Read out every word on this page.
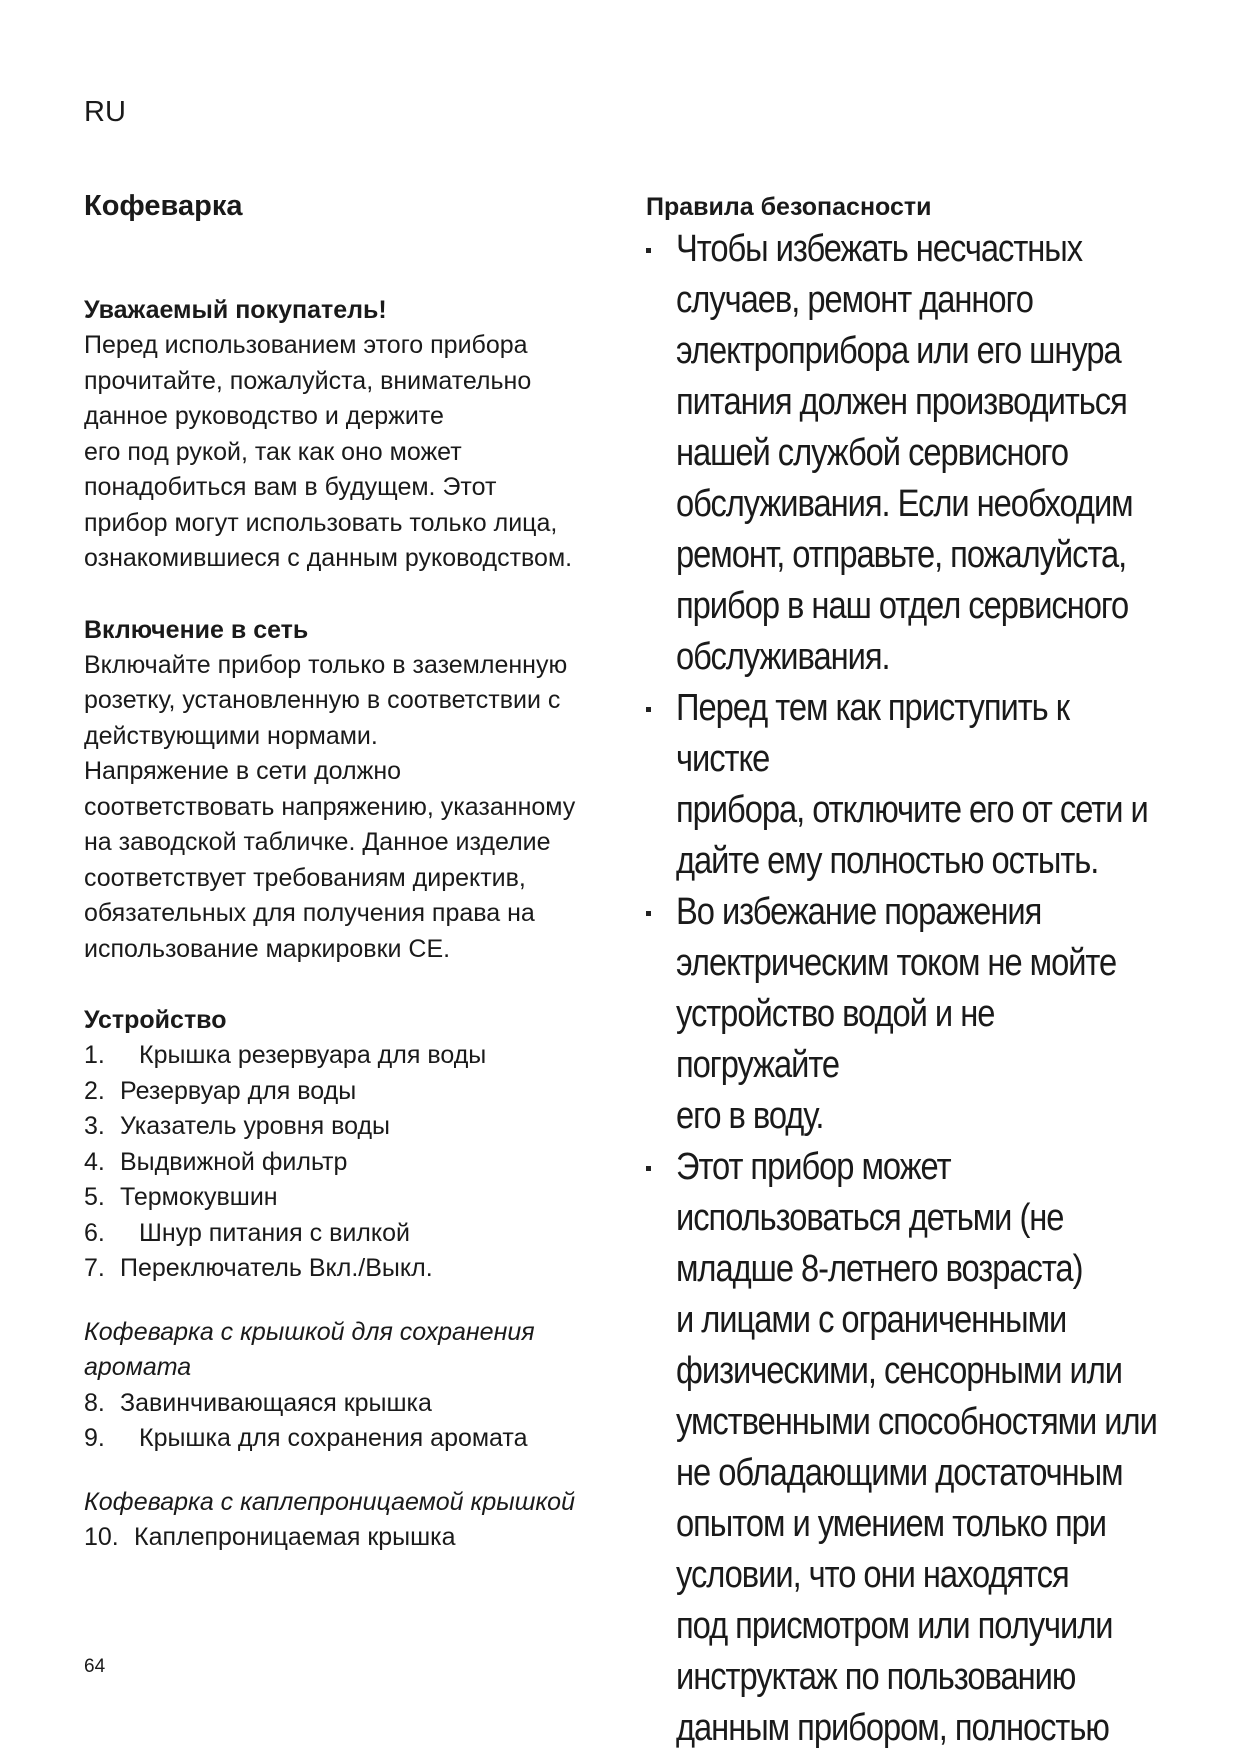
RU
Кофеварка
Уважаемый покупатель!

Перед использованием этого прибора
прочитайте, пожалуйста, внимательно
данное руководство и держите
его под рукой, так как оно может
понадобиться вам в будущем. Этот
прибор могут использовать только лица,
ознакомившиеся с данным руководством.

Включение в сеть

Включайте прибор только в заземленную
розетку, установленную в соответствии с
действующими нормами.
Напряжение в сети должно
соответствовать напряжению, указанному
на заводской табличке. Данное изделие
соответствует требованиям директив,
обязательных для получения права на
использование маркировки CE.

Устройство
1. Крышка резервуара для воды
2. Резервуар для воды
3. Указатель уровня воды
4. Выдвижной фильтр
5. Термокувшин
6. Шнур питания с вилкой
7. Переключатель Вкл./Выкл.

Кофеварка с крышкой для сохранения
аромата

8. Завинчивающаяся крышка
9. Крышка для сохранения аромата

Кофеварка с каплепроницаемой крышкой

10. Каплепроницаемая крышка
Правила безопасности
Чтобы избежать несчастных
случаев, ремонт данного
электроприбора или его шнура
питания должен производиться
нашей службой сервисного
обслуживания. Если необходим
ремонт, отправьте, пожалуйста,
прибор в наш отдел сервисного
обслуживания.
Перед тем как приступить к чистке
прибора, отключите его от сети и
дайте ему полностью остыть.
Во избежание поражения
электрическим током не мойте
устройство водой и не погружайте
его в воду.
Этот прибор может
использоваться детьми (не
младше 8-летнего возраста)
и лицами с ограниченными
физическими, сенсорными или
умственными способностями или
не обладающими достаточным
опытом и умением только при
условии, что они находятся
под присмотром или получили
инструктаж по пользованию
данным прибором, полностью
64
